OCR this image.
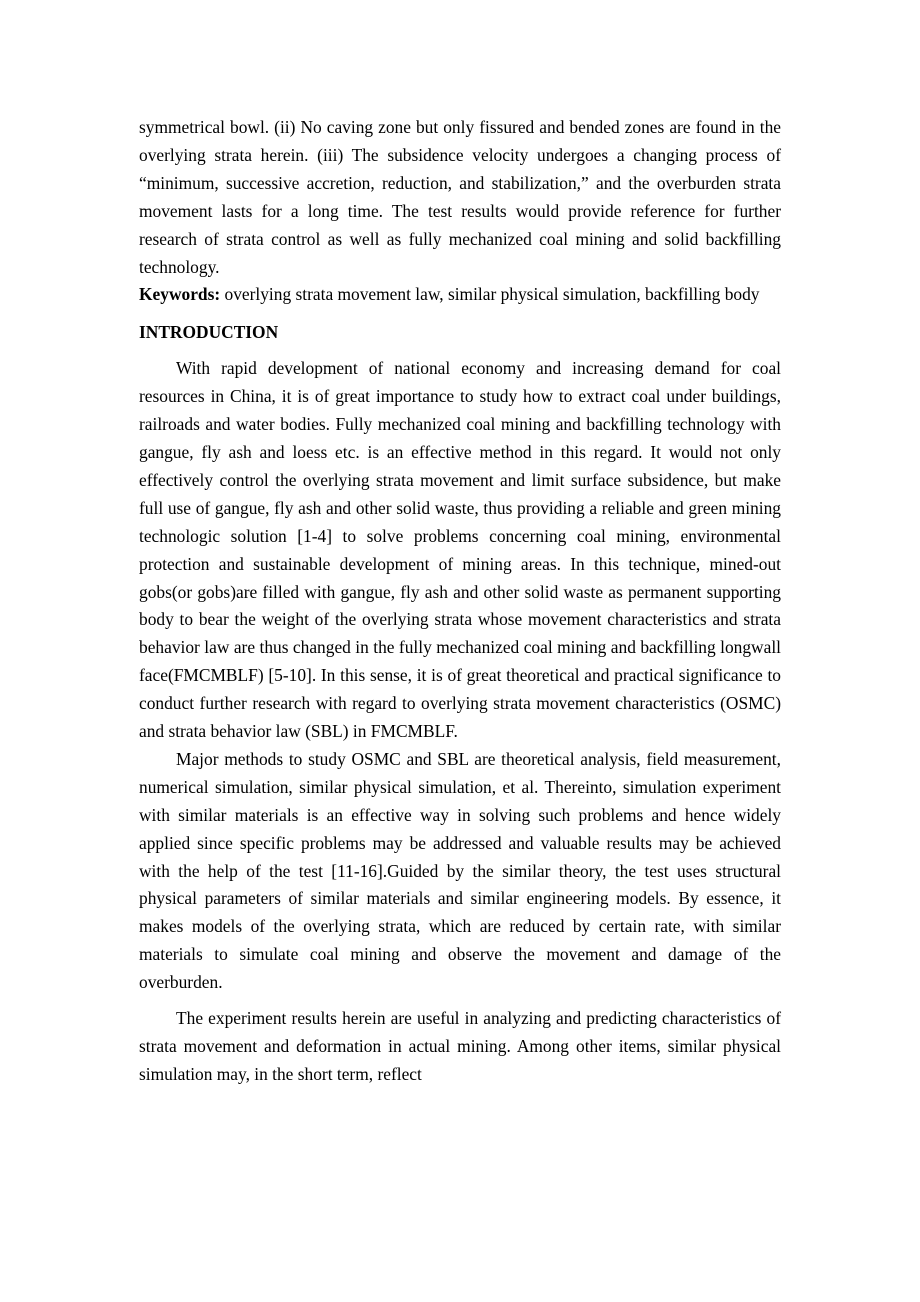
symmetrical bowl. (ii) No caving zone but only fissured and bended zones are found in the overlying strata herein. (iii) The subsidence velocity undergoes a changing process of “minimum, successive accretion, reduction, and stabilization,” and the overburden strata movement lasts for a long time. The test results would provide reference for further research of strata control as well as fully mechanized coal mining and solid backfilling technology.

Keywords: overlying strata movement law, similar physical simulation, backfilling body

INTRODUCTION

With rapid development of national economy and increasing demand for coal resources in China, it is of great importance to study how to extract coal under buildings, railroads and water bodies. Fully mechanized coal mining and backfilling technology with gangue, fly ash and loess etc. is an effective method in this regard. It would not only effectively control the overlying strata movement and limit surface subsidence, but make full use of gangue, fly ash and other solid waste, thus providing a reliable and green mining technologic solution [1-4] to solve problems concerning coal mining, environmental protection and sustainable development of mining areas. In this technique, mined-out gobs(or gobs)are filled with gangue, fly ash and other solid waste as permanent supporting body to bear the weight of the overlying strata whose movement characteristics and strata behavior law are thus changed in the fully mechanized coal mining and backfilling longwall face(FMCMBLF) [5-10]. In this sense, it is of great theoretical and practical significance to conduct further research with regard to overlying strata movement characteristics (OSMC) and strata behavior law (SBL) in FMCMBLF.

Major methods to study OSMC and SBL are theoretical analysis, field measurement, numerical simulation, similar physical simulation, et al. Thereinto, simulation experiment with similar materials is an effective way in solving such problems and hence widely applied since specific problems may be addressed and valuable results may be achieved with the help of the test [11-16].Guided by the similar theory, the test uses structural physical parameters of similar materials and similar engineering models. By essence, it makes models of the overlying strata, which are reduced by certain rate, with similar materials to simulate coal mining and observe the movement and damage of the overburden.

The experiment results herein are useful in analyzing and predicting characteristics of strata movement and deformation in actual mining. Among other items, similar physical simulation may, in the short term, reflect
